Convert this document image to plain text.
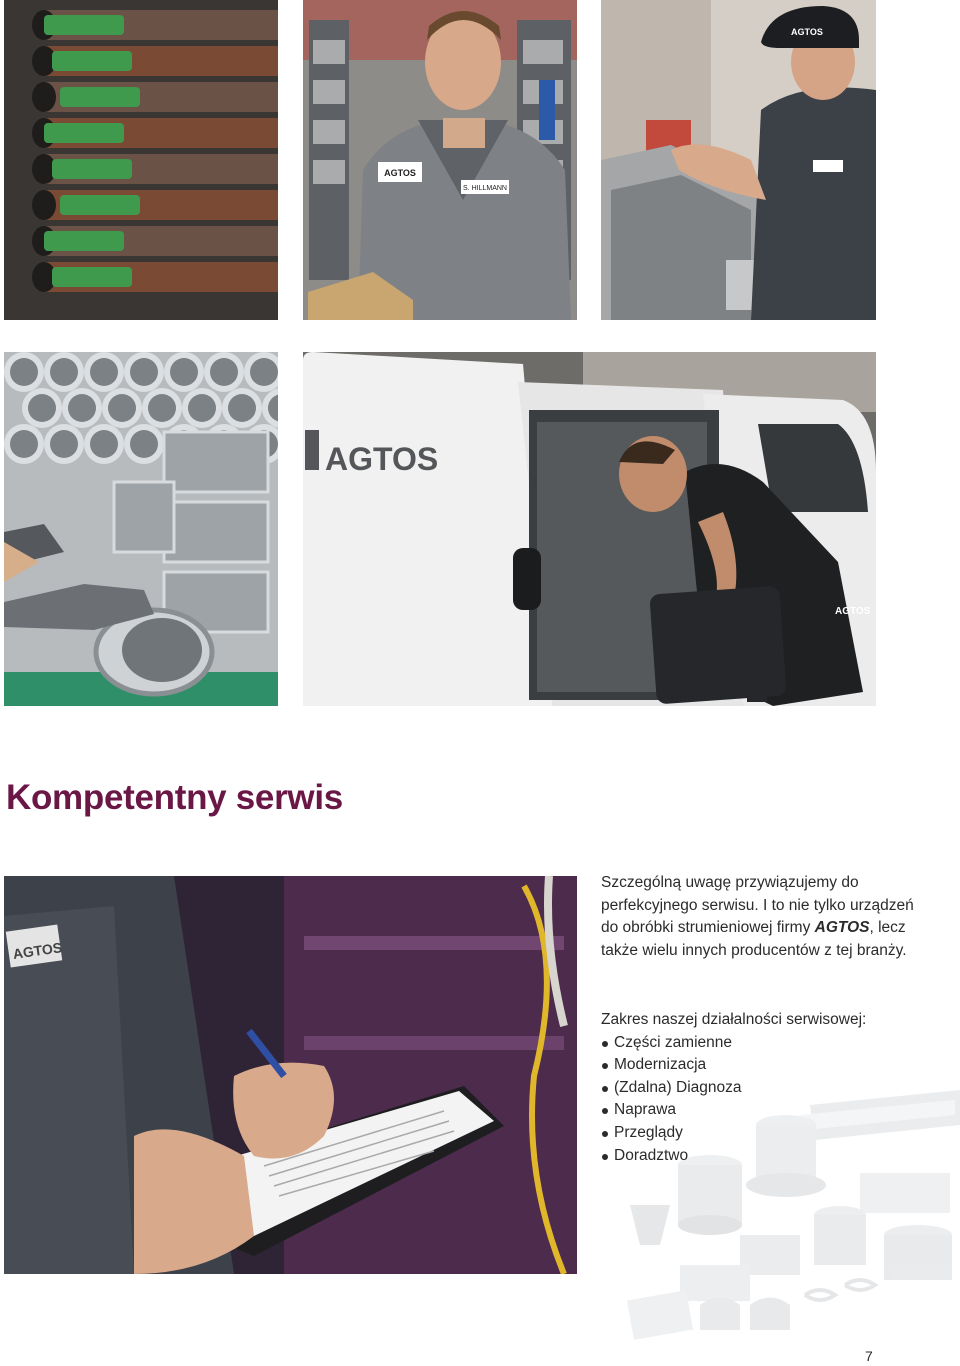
AGTOS
S. HILLMANN
AGTOS
AGTOS
AGTOS
Kompetentny serwis
AGTOS

Szczególną uwagę przywiązujemy do perfekcyjnego serwisu. I to nie tylko urządzeń do obróbki strumieniowej firmy AGTOS, lecz także wielu innych producentów z tej branży.

Zakres naszej działalności serwisowej:
Części zamienne
Modernizacja
(Zdalna) Diagnoza
Naprawa
Przeglądy
Doradztwo
7
